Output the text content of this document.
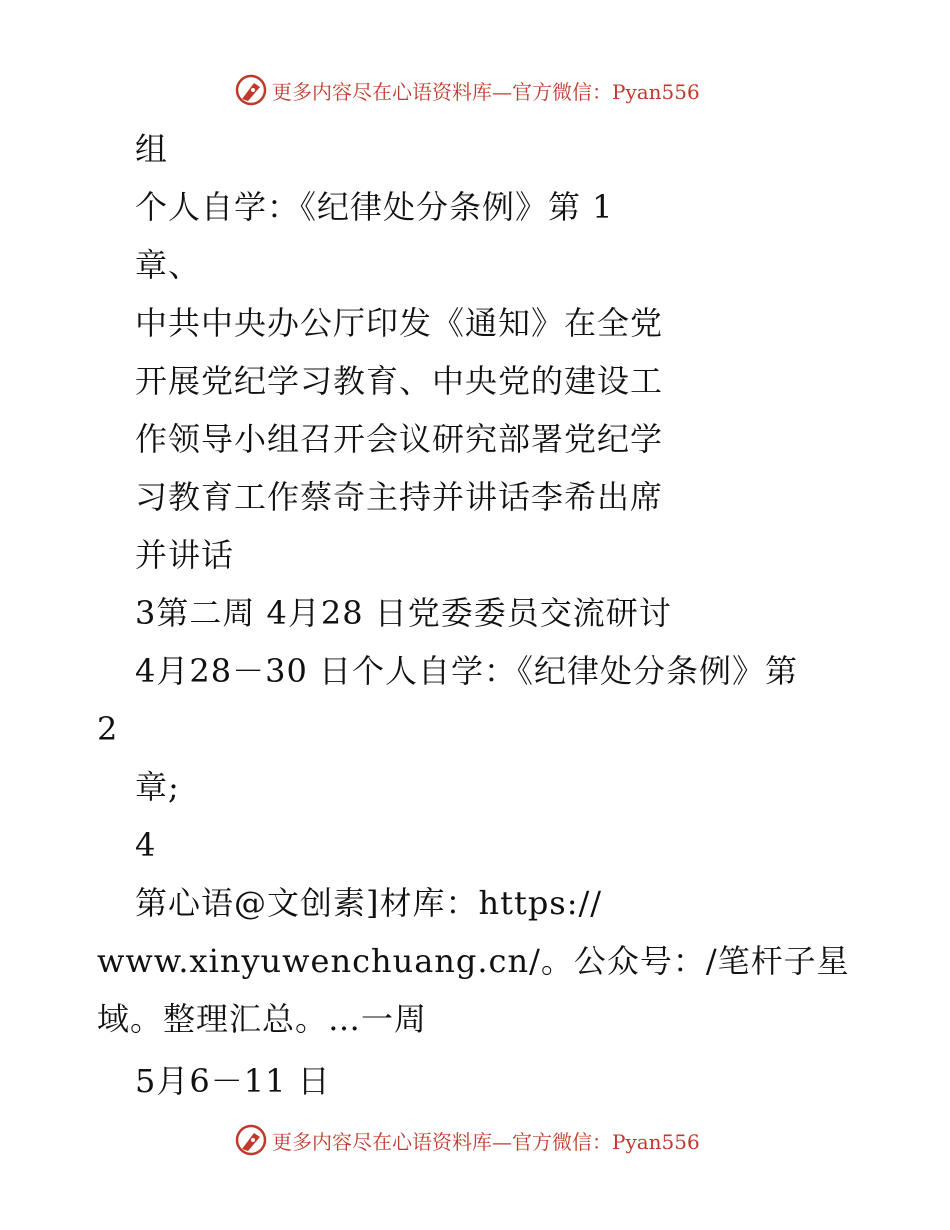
更多内容尽在心语资料库—官方微信：Pyan556
组
个人自学：《纪律处分条例》第 1
章、
中共中央办公厅印发《通知》在全党
开展党纪学习教育、中央党的建设工
作领导小组召开会议研究部署党纪学
习教育工作蔡奇主持并讲话李希出席
并讲话
3第二周 4月28 日党委委员交流研讨
4月28－30 日个人自学：《纪律处分条例》第
2
章;
4
第心语@文创素]材库：https://
www.xinyuwenchuang.cn/。公众号：/笔杆子星
域。整理汇总。…一周
5月6－11 日
更多内容尽在心语资料库—官方微信：Pyan556
